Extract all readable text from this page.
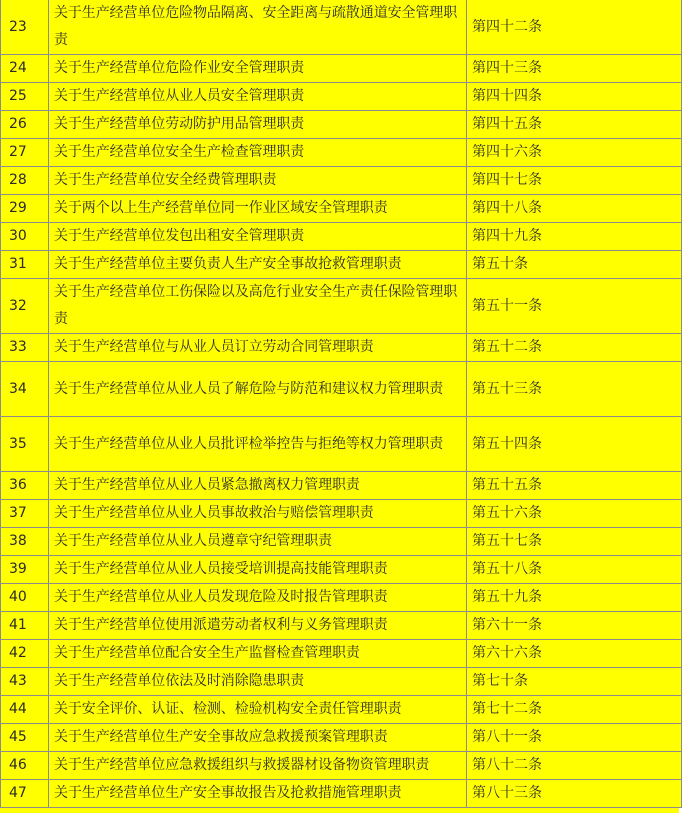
23	关于生产经营单位危险物品隔离、安全距离与疏散通道安全管理职责	第四十二条
24	关于生产经营单位危险作业安全管理职责	第四十三条
25	关于生产经营单位从业人员安全管理职责	第四十四条
26	关于生产经营单位劳动防护用品管理职责	第四十五条
27	关于生产经营单位安全生产检查管理职责	第四十六条
28	关于生产经营单位安全经费管理职责	第四十七条
29	关于两个以上生产经营单位同一作业区域安全管理职责	第四十八条
30	关于生产经营单位发包出租安全管理职责	第四十九条
31	关于生产经营单位主要负责人生产安全事故抢救管理职责	第五十条
32	关于生产经营单位工伤保险以及高危行业安全生产责任保险管理职责	第五十一条
33	关于生产经营单位与从业人员订立劳动合同管理职责	第五十二条
34	关于生产经营单位从业人员了解危险与防范和建议权力管理职责	第五十三条
35	关于生产经营单位从业人员批评检举控告与拒绝等权力管理职责	第五十四条
36	关于生产经营单位从业人员紧急撤离权力管理职责	第五十五条
37	关于生产经营单位从业人员事故救治与赔偿管理职责	第五十六条
38	关于生产经营单位从业人员遵章守纪管理职责	第五十七条
39	关于生产经营单位从业人员接受培训提高技能管理职责	第五十八条
40	关于生产经营单位从业人员发现危险及时报告管理职责	第五十九条
41	关于生产经营单位使用派遣劳动者权利与义务管理职责	第六十一条
42	关于生产经营单位配合安全生产监督检查管理职责	第六十六条
43	关于生产经营单位依法及时消除隐患职责	第七十条
44	关于安全评价、认证、检测、检验机构安全责任管理职责	第七十二条
45	关于生产经营单位生产安全事故应急救援预案管理职责	第八十一条
46	关于生产经营单位应急救援组织与救援器材设备物资管理职责	第八十二条
47	关于生产经营单位生产安全事故报告及抢救措施管理职责	第八十三条
